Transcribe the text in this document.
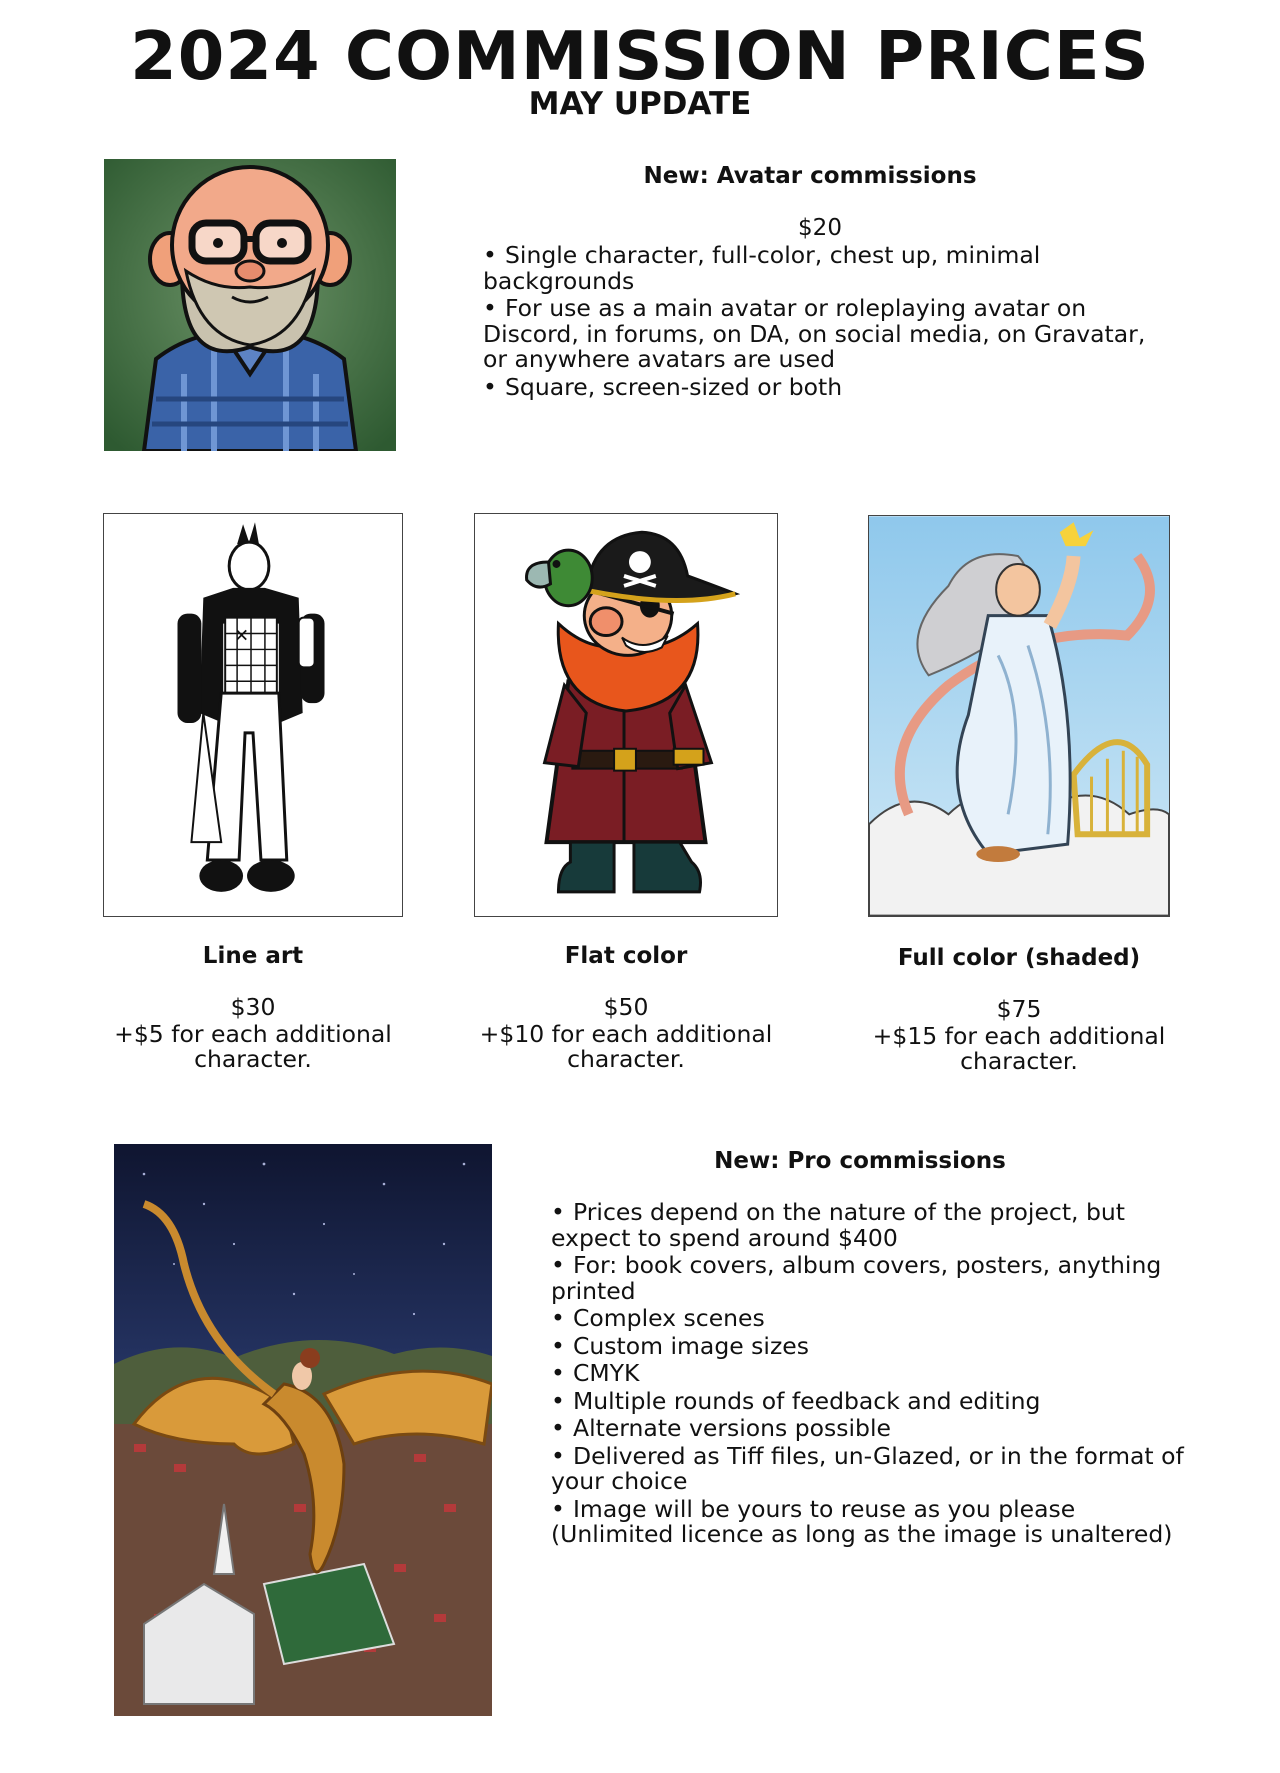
2024 COMMISSION PRICES
MAY UPDATE
New: Avatar commissions
$20
• Single character, full-color, chest up, minimal backgrounds
• For use as a main avatar or roleplaying avatar on Discord, in forums, on DA, on social media, on Gravatar, or anywhere avatars are used
• Square, screen-sized or both
✕
Line art
$30
+$5 for each additional character.
Flat color
$50
+$10 for each additional character.
Full color (shaded)
$75
+$15 for each additional character.
New: Pro commissions
• Prices depend on the nature of the project, but expect to spend around $400
• For: book covers, album covers, posters, anything printed
• Complex scenes
• Custom image sizes
• CMYK
• Multiple rounds of feedback and editing
• Alternate versions possible
• Delivered as Tiff files, un-Glazed, or in the format of your choice
• Image will be yours to reuse as you please (Unlimited licence as long as the image is unaltered)
